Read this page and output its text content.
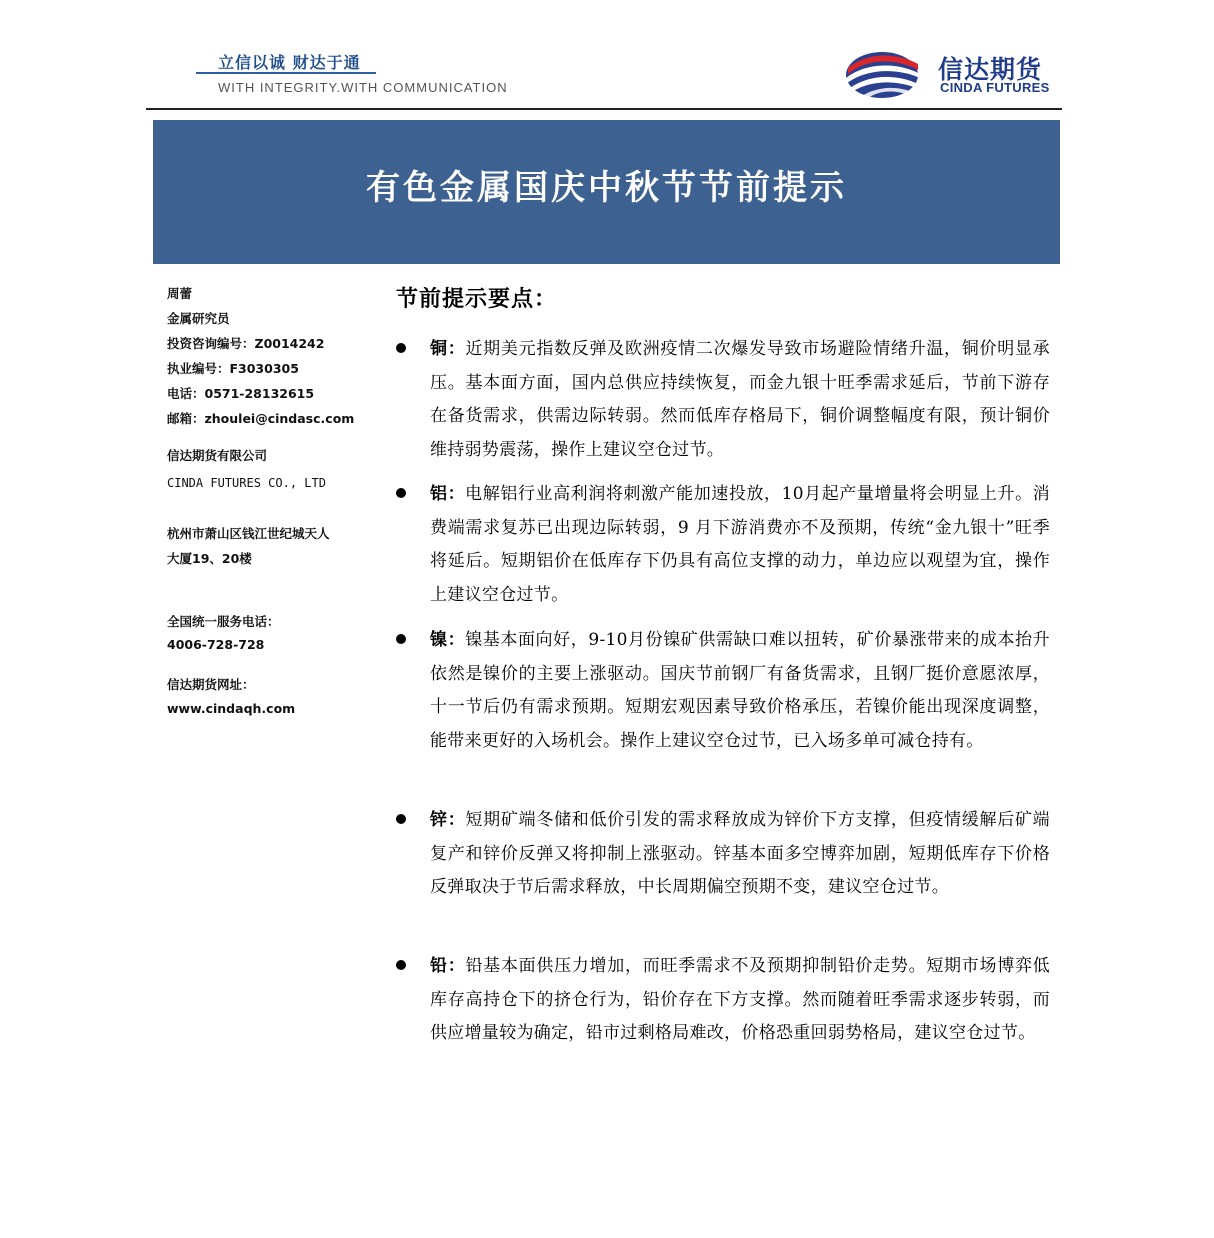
立信以诚 财达于通
WITH INTEGRITY.WITH COMMUNICATION
信达期货
CINDA FUTURES
有色金属国庆中秋节节前提示
周蕾
金属研究员
投资咨询编号：Z0014242
执业编号：F3030305
电话：0571-28132615
邮箱：zhoulei@cindasc.com
信达期货有限公司
CINDA FUTURES CO., LTD
杭州市萧山区钱江世纪城天人
大厦19、20楼
全国统一服务电话：
4006-728-728
信达期货网址：
www.cindaqh.com
节前提示要点：
铜：近期美元指数反弹及欧洲疫情二次爆发导致市场避险情绪升温，铜价明显承压。基本面方面，国内总供应持续恢复，而金九银十旺季需求延后，节前下游存在备货需求，供需边际转弱。然而低库存格局下，铜价调整幅度有限，预计铜价维持弱势震荡，操作上建议空仓过节。
铝：电解铝行业高利润将刺激产能加速投放，10月起产量增量将会明显上升。消费端需求复苏已出现边际转弱，9 月下游消费亦不及预期，传统“金九银十”旺季将延后。短期铝价在低库存下仍具有高位支撑的动力，单边应以观望为宜，操作上建议空仓过节。
镍：镍基本面向好，9-10月份镍矿供需缺口难以扭转，矿价暴涨带来的成本抬升依然是镍价的主要上涨驱动。国庆节前钢厂有备货需求，且钢厂挺价意愿浓厚，十一节后仍有需求预期。短期宏观因素导致价格承压，若镍价能出现深度调整，能带来更好的入场机会。操作上建议空仓过节，已入场多单可减仓持有。
锌：短期矿端冬储和低价引发的需求释放成为锌价下方支撑，但疫情缓解后矿端复产和锌价反弹又将抑制上涨驱动。锌基本面多空博弈加剧，短期低库存下价格反弹取决于节后需求释放，中长周期偏空预期不变，建议空仓过节。
铅：铅基本面供压力增加，而旺季需求不及预期抑制铅价走势。短期市场博弈低库存高持仓下的挤仓行为，铅价存在下方支撑。然而随着旺季需求逐步转弱，而供应增量较为确定，铅市过剩格局难改，价格恐重回弱势格局，建议空仓过节。
